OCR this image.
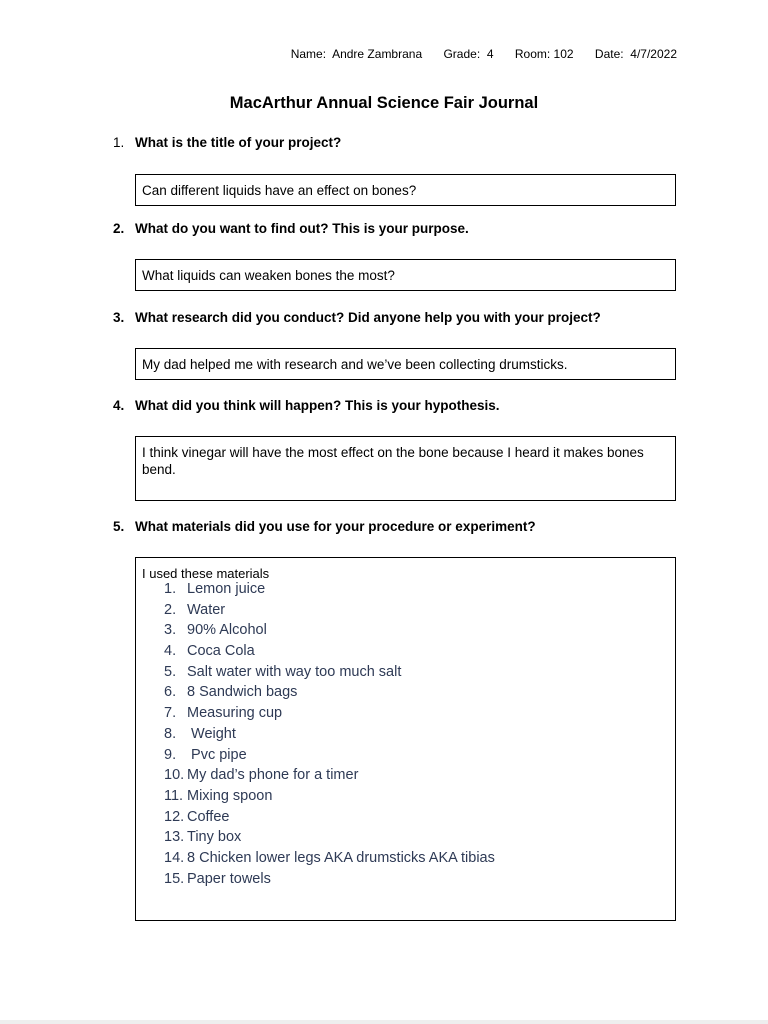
Name: Andre Zambrana Grade: 4 Room: 102 Date: 4/7/2022
MacArthur Annual Science Fair Journal
1. What is the title of your project?
Can different liquids have an effect on bones?
2. What do you want to find out? This is your purpose.
What liquids can weaken bones the most?
3. What research did you conduct? Did anyone help you with your project?
My dad helped me with research and we’ve been collecting drumsticks.
4. What did you think will happen? This is your hypothesis.
I think vinegar will have the most effect on the bone because I heard it makes bones bend.
5. What materials did you use for your procedure or experiment?
I used these materials
1. Lemon juice
2. Water
3. 90% Alcohol
4. Coca Cola
5. Salt water with way too much salt
6. 8 Sandwich bags
7. Measuring cup
8. Weight
9. Pvc pipe
10. My dad’s phone for a timer
11. Mixing spoon
12. Coffee
13. Tiny box
14. 8 Chicken lower legs AKA drumsticks AKA tibias
15. Paper towels
